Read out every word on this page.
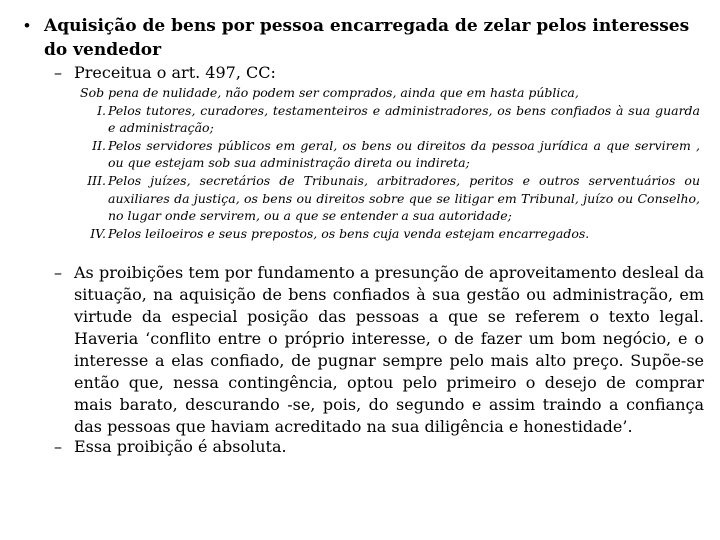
• Aquisição de bens por pessoa encarregada de zelar pelos interesses do vendedor
– Preceitua o art. 497, CC:
Sob pena de nulidade, não podem ser comprados, ainda que em hasta pública,
I. Pelos tutores, curadores, testamenteiros e administradores, os bens confiados à sua guarda e administração;
II. Pelos servidores públicos em geral, os bens ou direitos da pessoa jurídica a que servirem , ou que estejam sob sua administração direta ou indireta;
III. Pelos juízes, secretários de Tribunais, arbitradores, peritos e outros serventuários ou auxiliares da justiça, os bens ou direitos sobre que se litigar em Tribunal, juízo ou Conselho, no lugar onde servirem, ou a que se entender a sua autoridade;
IV. Pelos leiloeiros e seus prepostos, os bens cuja venda estejam encarregados.
– As proibições tem por fundamento a presunção de aproveitamento desleal da situação, na aquisição de bens confiados à sua gestão ou administração, em virtude da especial posição das pessoas a que se referem o texto legal. Haveria ‘conflito entre o próprio interesse, o de fazer um bom negócio, e o interesse a elas confiado, de pugnar sempre pelo mais alto preço. Supõe-se então que, nessa contingência, optou pelo primeiro o desejo de comprar mais barato, descurando -se, pois, do segundo e assim traindo a confiança das pessoas que haviam acreditado na sua diligência e honestidade’.
– Essa proibição é absoluta.
